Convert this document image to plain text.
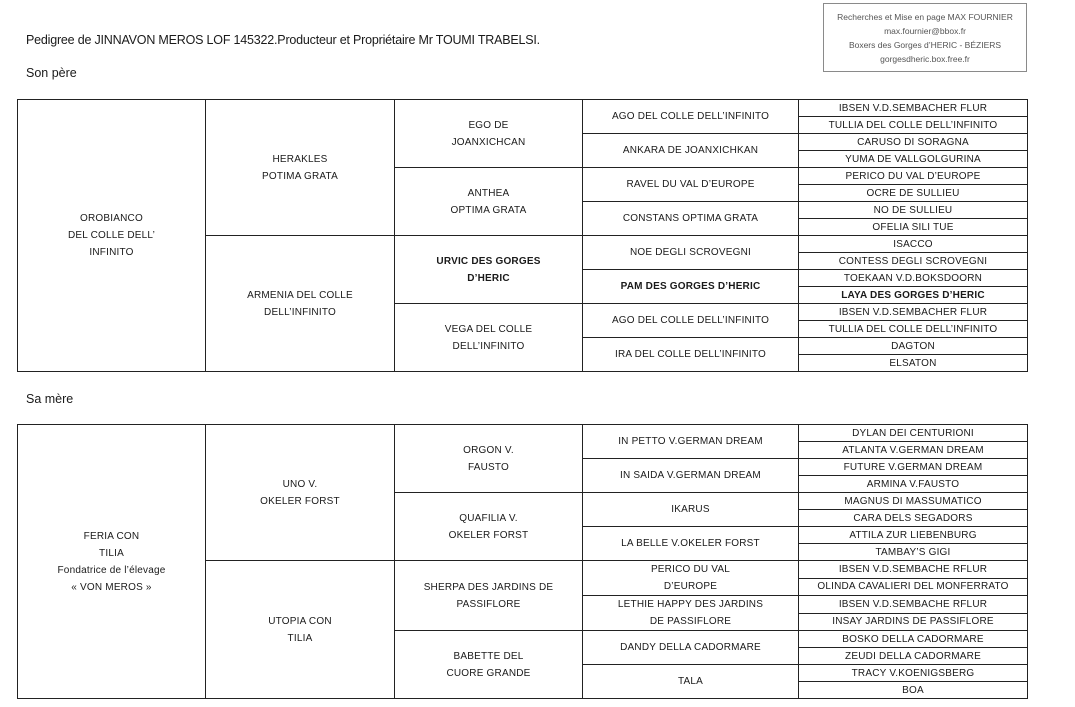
Pedigree de JINNAVON MEROS LOF 145322.Producteur et Propriétaire Mr TOUMI TRABELSI.
Recherches et Mise en page MAX FOURNIER
max.fournier@bbox.fr
Boxers des Gorges d’HERIC - BÉZIERS
gorgesdheric.box.free.fr
Son père
OROBIANCO
DEL COLLE DELL’
INFINITO	HERAKLES
POTIMA GRATA	EGO DE
JOANXICHCAN	AGO DEL COLLE DELL’INFINITO	IBSEN V.D.SEMBACHER FLUR
				TULLIA DEL COLLE DELL’INFINITO

			ANKARA DE JOANXICHKAN	CARUSO DI SORAGNA
				YUMA DE VALLGOLGURINA

		ANTHEA
OPTIMA GRATA	RAVEL DU VAL D’EUROPE	PERICO DU VAL D’EUROPE
				OCRE DE SULLIEU

			CONSTANS OPTIMA GRATA	NO DE SULLIEU
				OFELIA SILI TUE

	ARMENIA DEL COLLE
DELL’INFINITO	URVIC DES GORGES
D’HERIC	NOE DEGLI SCROVEGNI	ISACCO
				CONTESS DEGLI SCROVEGNI

			PAM DES GORGES D’HERIC	TOEKAAN V.D.BOKSDOORN
				LAYA DES GORGES D’HERIC

		VEGA DEL COLLE
DELL’INFINITO	AGO DEL COLLE DELL’INFINITO	IBSEN V.D.SEMBACHER FLUR
				TULLIA DEL COLLE DELL’INFINITO

			IRA DEL COLLE DELL’INFINITO	DAGTON
				ELSATON
Sa mère
FERIA CON
TILIA
Fondatrice de l’élevage
« VON MEROS »	UNO V.
OKELER FORST	ORGON V.
FAUSTO	IN PETTO V.GERMAN DREAM	DYLAN DEI CENTURIONI
				ATLANTA V.GERMAN DREAM

			IN SAIDA V.GERMAN DREAM	FUTURE V.GERMAN DREAM
				ARMINA V.FAUSTO

		QUAFILIA V.
OKELER FORST	IKARUS	MAGNUS DI MASSUMATICO
				CARA DELS SEGADORS

			LA BELLE V.OKELER FORST	ATTILA ZUR LIEBENBURG
				TAMBAY’S GIGI

	UTOPIA CON
TILIA	SHERPA DES JARDINS DE
PASSIFLORE	PERICO DU VAL
D’EUROPE	IBSEN V.D.SEMBACHE RFLUR
				OLINDA CAVALIERI DEL MONFERRATO

			LETHIE HAPPY DES JARDINS
DE PASSIFLORE	IBSEN V.D.SEMBACHE RFLUR
				INSAY JARDINS DE PASSIFLORE

		BABETTE DEL
CUORE GRANDE	DANDY DELLA CADORMARE	BOSKO DELLA CADORMARE
				ZEUDI DELLA CADORMARE

			TALA	TRACY V.KOENIGSBERG
				BOA
